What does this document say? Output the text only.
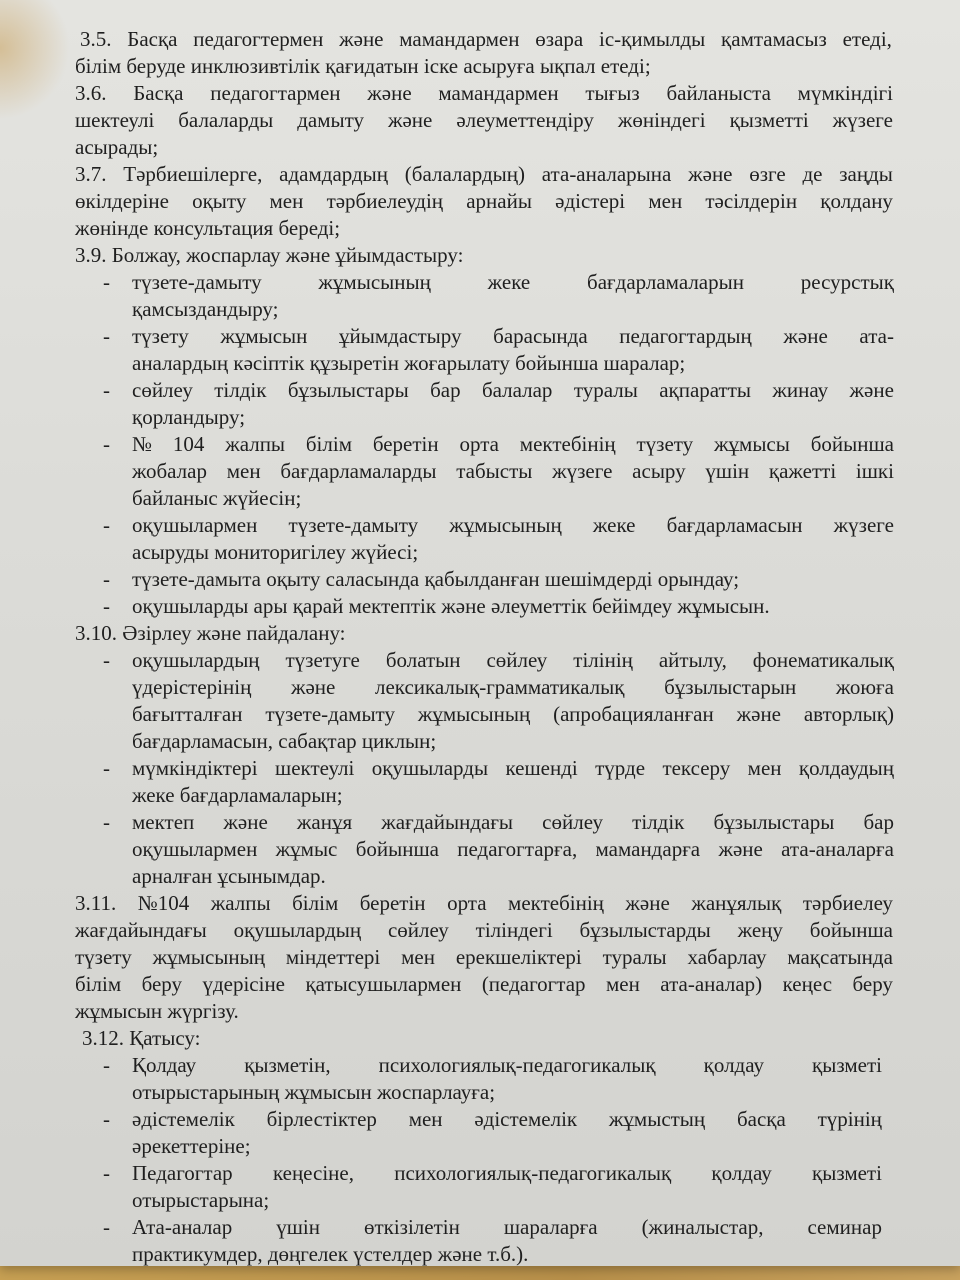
3.5. Басқа педагогтермен және мамандармен өзара іс-қимылды қамтамасыз етеді,
білім беруде инклюзивтілік қағидатын іске асыруға ықпал етеді;
3.6. Басқа педагогтармен және мамандармен тығыз байланыста мүмкіндігі
шектеулі балаларды дамыту және әлеуметтендіру жөніндегі қызметті жүзеге
асырады;
3.7. Тәрбиешілерге, адамдардың (балалардың) ата-аналарына және өзге де заңды
өкілдеріне оқыту мен тәрбиелеудің арнайы әдістері мен тәсілдерін қолдану
жөнінде консультация береді;
3.9. Болжау, жоспарлау және ұйымдастыру:
түзете-дамыту	жұмысының	жеке	бағдарламаларын	ресурстық
қамсыздандыру;
түзету жұмысын ұйымдастыру барасында педагогтардың және ата-
аналардың кәсіптік құзыретін жоғарылату бойынша шаралар;
сөйлеу тілдік бұзылыстары бар балалар туралы ақпаратты жинау және
қорландыру;
№ 104 жалпы білім беретін орта мектебінің түзету жұмысы бойынша
жобалар мен бағдарламаларды табысты жүзеге асыру үшін қажетті ішкі
байланыс жүйесін;
оқушылармен түзете-дамыту жұмысының жеке бағдарламасын жүзеге
асыруды мониторигілеу жүйесі;
түзете-дамыта оқыту саласында қабылданған шешімдерді орындау;
оқушыларды ары қарай мектептік және әлеуметтік бейімдеу жұмысын.
3.10. Әзірлеу және пайдалану:
оқушылардың түзетуге болатын сөйлеу тілінің айтылу, фонематикалық
үдерістерінің және лексикалық-грамматикалық бұзылыстарын жоюға
бағытталған түзете-дамыту жұмысының (апробацияланған және авторлық)
бағдарламасын, сабақтар циклын;
мүмкіндіктері шектеулі оқушыларды кешенді түрде тексеру мен қолдаудың
жеке бағдарламаларын;
мектеп және жанұя жағдайындағы сөйлеу тілдік бұзылыстары бар
оқушылармен жұмыс бойынша педагогтарға, мамандарға және ата-аналарға
арналған ұсынымдар.
3.11. №104 жалпы білім беретін орта мектебінің және жанұялық тәрбиелеу
жағдайындағы оқушылардың сөйлеу тіліндегі бұзылыстарды жеңу бойынша
түзету жұмысының міндеттері мен ерекшеліктері туралы хабарлау мақсатында
білім беру үдерісіне қатысушылармен (педагогтар мен ата-аналар) кеңес беру
жұмысын жүргізу.
3.12. Қатысу:
Қолдау қызметін, психологиялық-педагогикалық қолдау қызметі
отырыстарының жұмысын жоспарлауға;
әдістемелік бірлестіктер мен әдістемелік жұмыстың басқа түрінің
әрекеттеріне;
Педагогтар кеңесіне, психологиялық-педагогикалық қолдау қызметі
отырыстарына;
Ата-аналар үшін өткізілетін шараларға (жиналыстар, семинар
практикумдер, дөңгелек үстелдер және т.б.).
-
-
-
-
-
-
-
-
-
-
-
-
-
-
